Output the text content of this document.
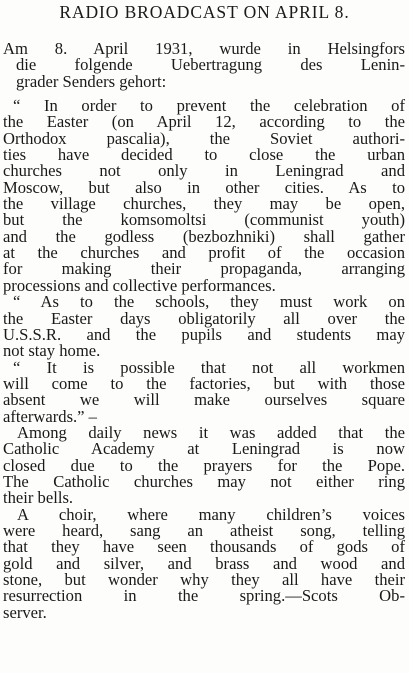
RADIO BROADCAST ON APRIL 8.

Am 8. April 1931, wurde in Helsingfors
die folgende Uebertragung des Lenin-
grader Senders gehort:

“ In order to prevent the celebration of
the Easter (on April 12, according to the
Orthodox pascalia), the Soviet authori-
ties have decided to close the urban
churches not only in Leningrad and
Moscow, but also in other cities. As to
the village churches, they may be open,
but the komsomoltsi (communist youth)
and the godless (bezbozhniki) shall gather
at the churches and profit of the occasion
for making their propaganda, arranging
processions and collective performances.

“ As to the schools, they must work on
the Easter days obligatorily all over the
U.S.S.R. and the pupils and students may
not stay home.

“ It is possible that not all workmen
will come to the factories, but with those
absent we will make ourselves square
afterwards.” –

Among daily news it was added that the
Catholic Academy at Leningrad is now
closed due to the prayers for the Pope.
The Catholic churches may not either ring
their bells.

A choir, where many children’s voices
were heard, sang an atheist song, telling
that they have seen thousands of gods of
gold and silver, and brass and wood and
stone, but wonder why they all have their
resurrection in the spring.—Scots Ob-
server.
